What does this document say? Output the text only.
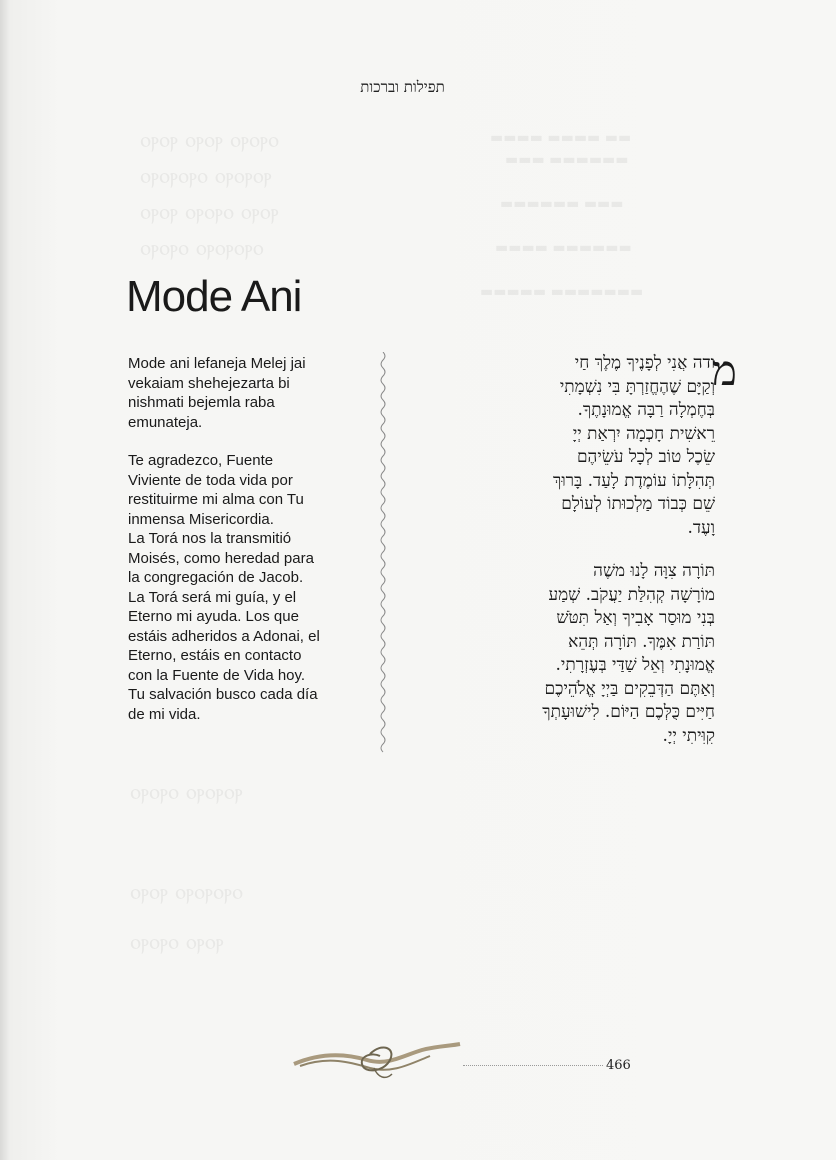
ⲟⲣⲟⲣ ⲟⲣⲟⲣ ⲟⲣⲟⲣⲟ
ⲟⲣⲟⲣⲟⲣⲟ ⲟⲣⲟⲣⲟⲣ
ⲟⲣⲟⲣ ⲟⲣⲟⲣⲟ ⲟⲣⲟⲣ
ⲟⲣⲟⲣⲟ ⲟⲣⲟⲣⲟⲣⲟ
▬▬▬▬ ▬▬▬▬ ▬▬
▬▬▬ ▬▬▬▬▬▬
▬▬▬▬▬▬ ▬▬▬
▬▬▬▬ ▬▬▬▬▬▬
▬▬▬▬▬ ▬▬▬▬▬▬▬
ⲟⲣⲟⲣⲟ ⲟⲣⲟⲣⲟⲣ
ⲟⲣⲟⲣ ⲟⲣⲟⲣⲟⲣⲟ
ⲟⲣⲟⲣⲟ ⲟⲣⲟⲣ
תפילות וברכות
Mode Ani

Mode ani lefaneja Melej jai
vekaiam shehejezarta bi
nishmati bejemla raba
emunateja.

Te agradezco, Fuente
Viviente de toda vida por
restituirme mi alma con Tu
inmensa Misericordia.
La Torá nos la transmitió
Moisés, como heredad para
la congregación de Jacob.
La Torá será mi guía, y el
Eterno mi ayuda. Los que
estáis adheridos a Adonai, el
Eterno, estáis en contacto
con la Fuente de Vida hoy.
Tu salvación busco cada día
de mi vida.

מ

ודה אֲנִי לְפָנֶיךָ מֶלֶךְ חַי
וְקַיָּם שֶׁהֶחֱזַרְתָּ בִּי נִשְׁמָתִי
בְּחֶמְלָה רַבָּה אֱמוּנָתֶךָ.
רֵאשִׁית חָכְמָה יִרְאַת יְיָ
שֵׂכֶל טוֹב לְכָל עֹשֵׂיהֶם
תְּהִלָּתוֹ עוֹמֶדֶת לָעַד. בָּרוּךְ
שֵׁם כְּבוֹד מַלְכוּתוֹ לְעוֹלָם
וָעֶד.

תּוֹרָה צִוָּה לָנוּ משֶׁה
מוֹרָשָׁה קְהִלַּת יַעֲקֹב. שְׁמַע
בְּנִי מוּסַר אָבִיךָ וְאַל תִּטֹּשׁ
תּוֹרַת אִמֶּךָ. תּוֹרָה תְּהֵא
אֱמוּנָתִי וְאֵל שַׁדַּי בְּעֶזְרָתִי.
וְאַתֶּם הַדְּבֵקִים בַּיְיָ אֱלֹהֵיכֶם
חַיִּים כֻּלְּכֶם הַיּוֹם. לִישׁוּעָתְךָ
קִוִּיתִי יְיָ.

466
